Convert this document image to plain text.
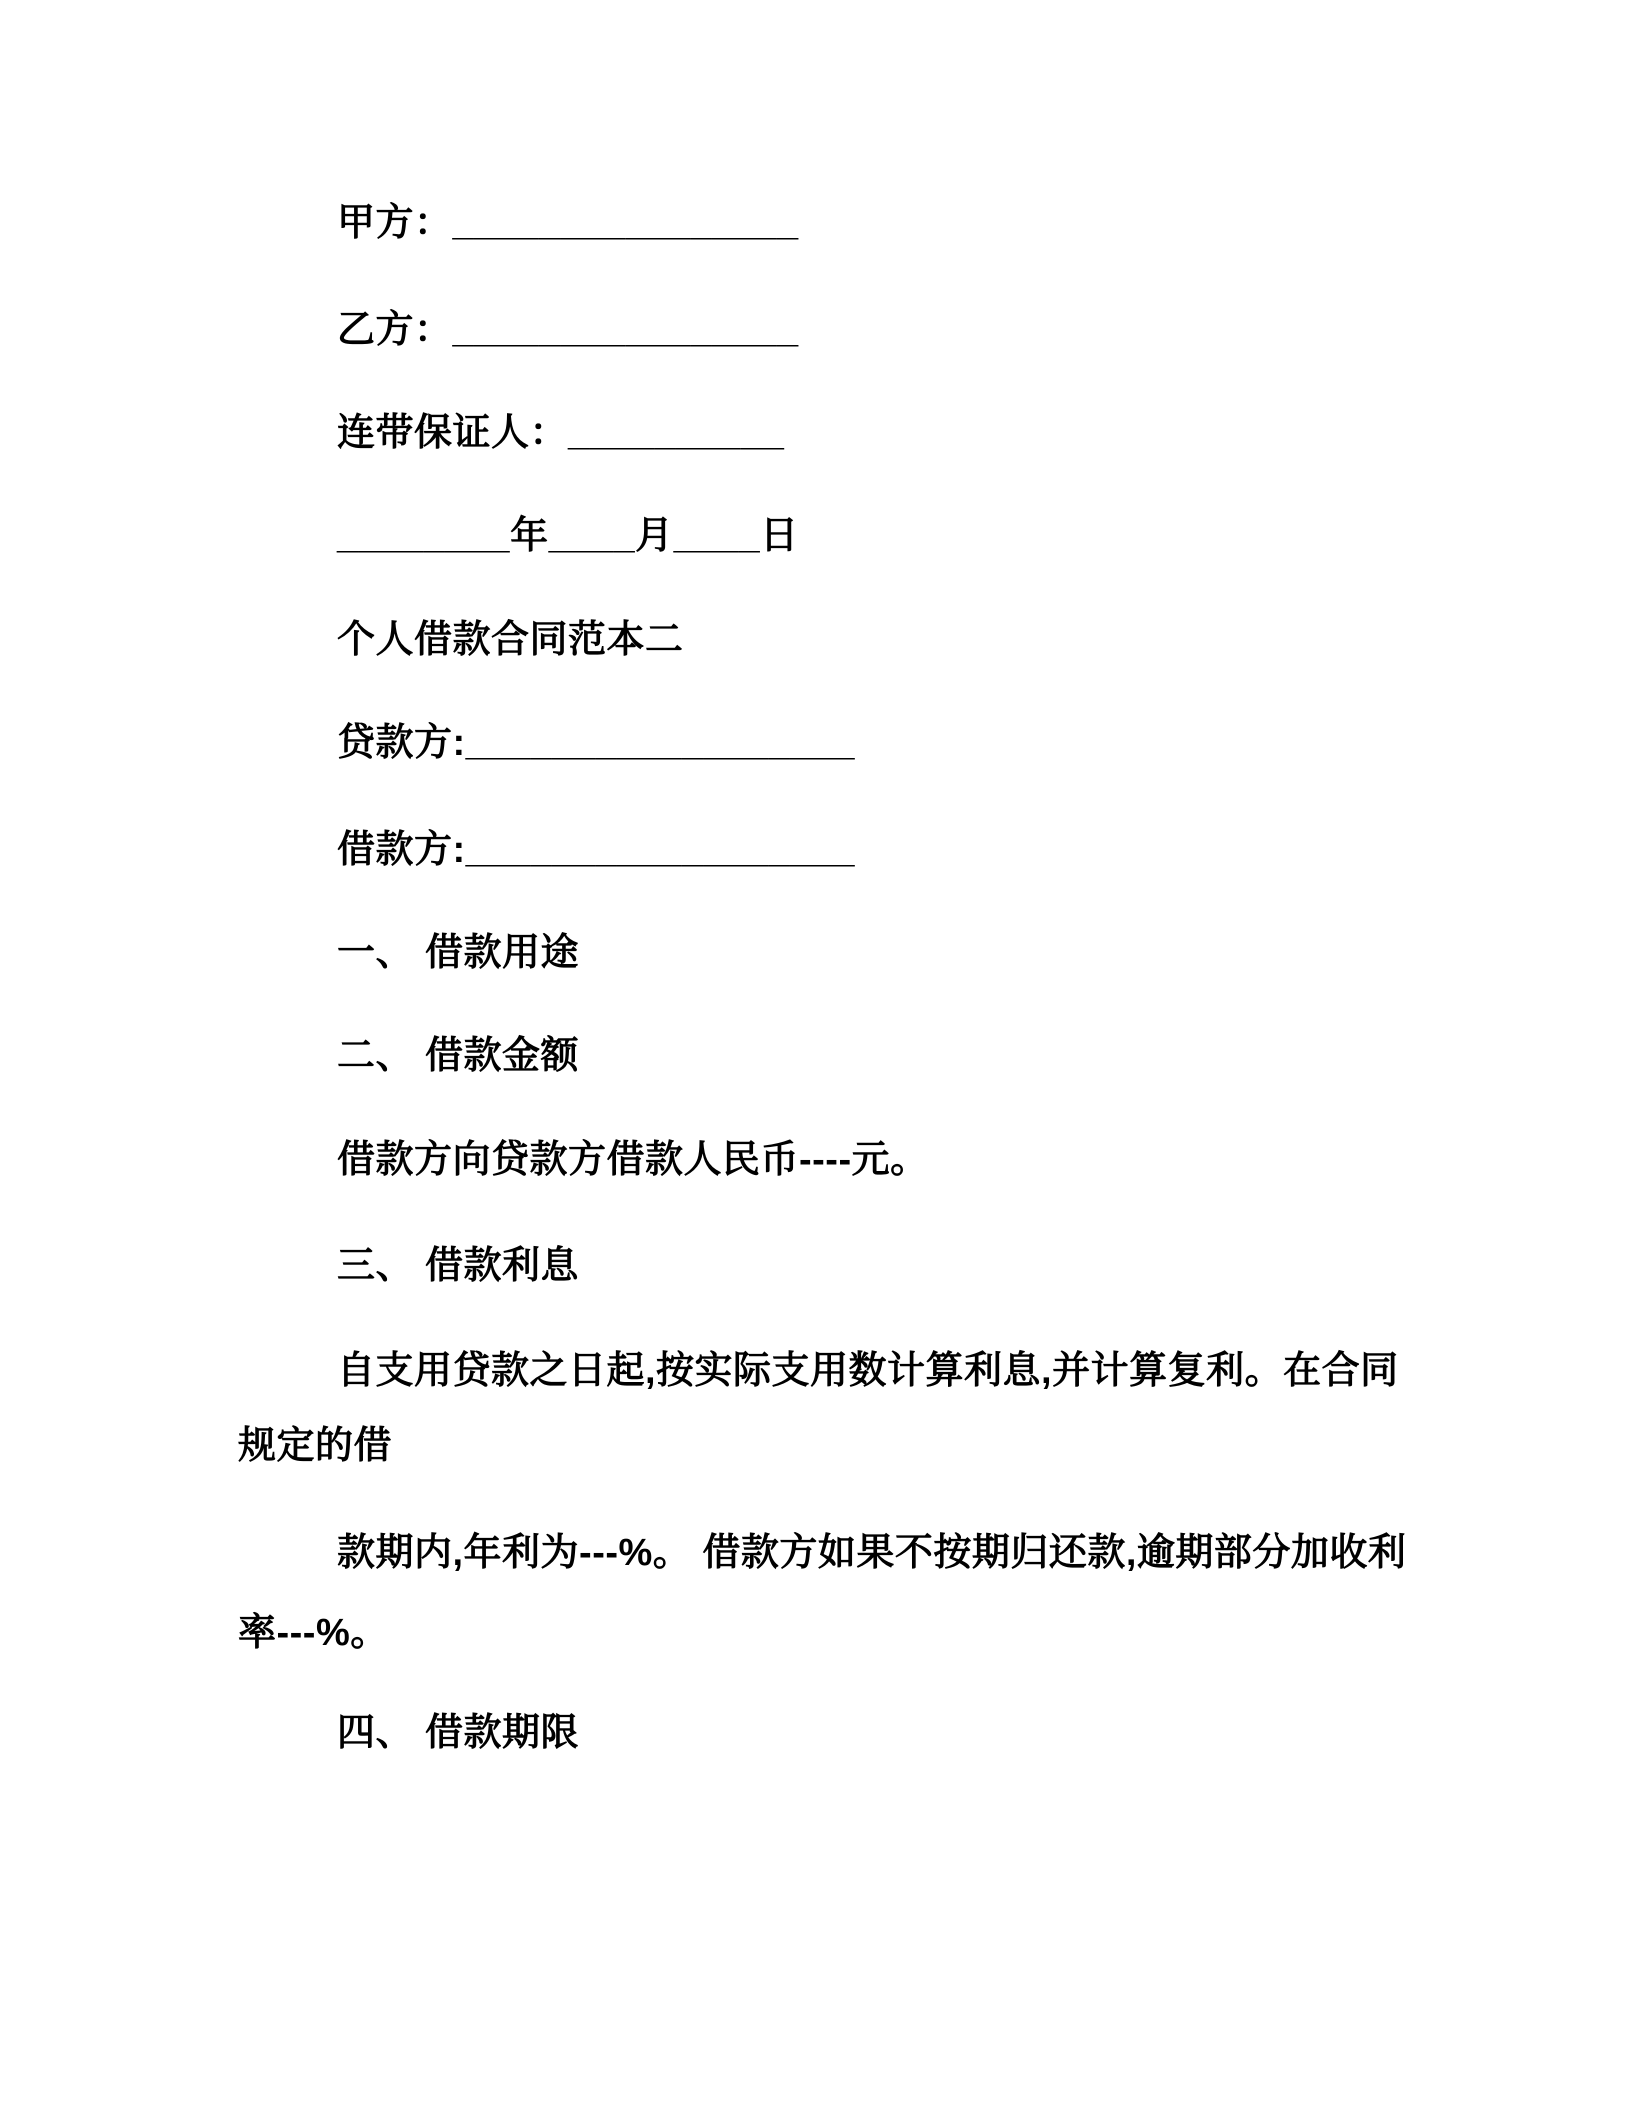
甲方：________________
乙方：________________
连带保证人：__________
________年____月____日
个人借款合同范本二
贷款方:__________________
借款方:__________________
一、 借款用途
二、 借款金额
借款方向贷款方借款人民币----元。
三、 借款利息
自支用贷款之日起,按实际支用数计算利息,并计算复利。在合同
规定的借
款期内,年利为---%。 借款方如果不按期归还款,逾期部分加收利
率---%。
四、 借款期限
